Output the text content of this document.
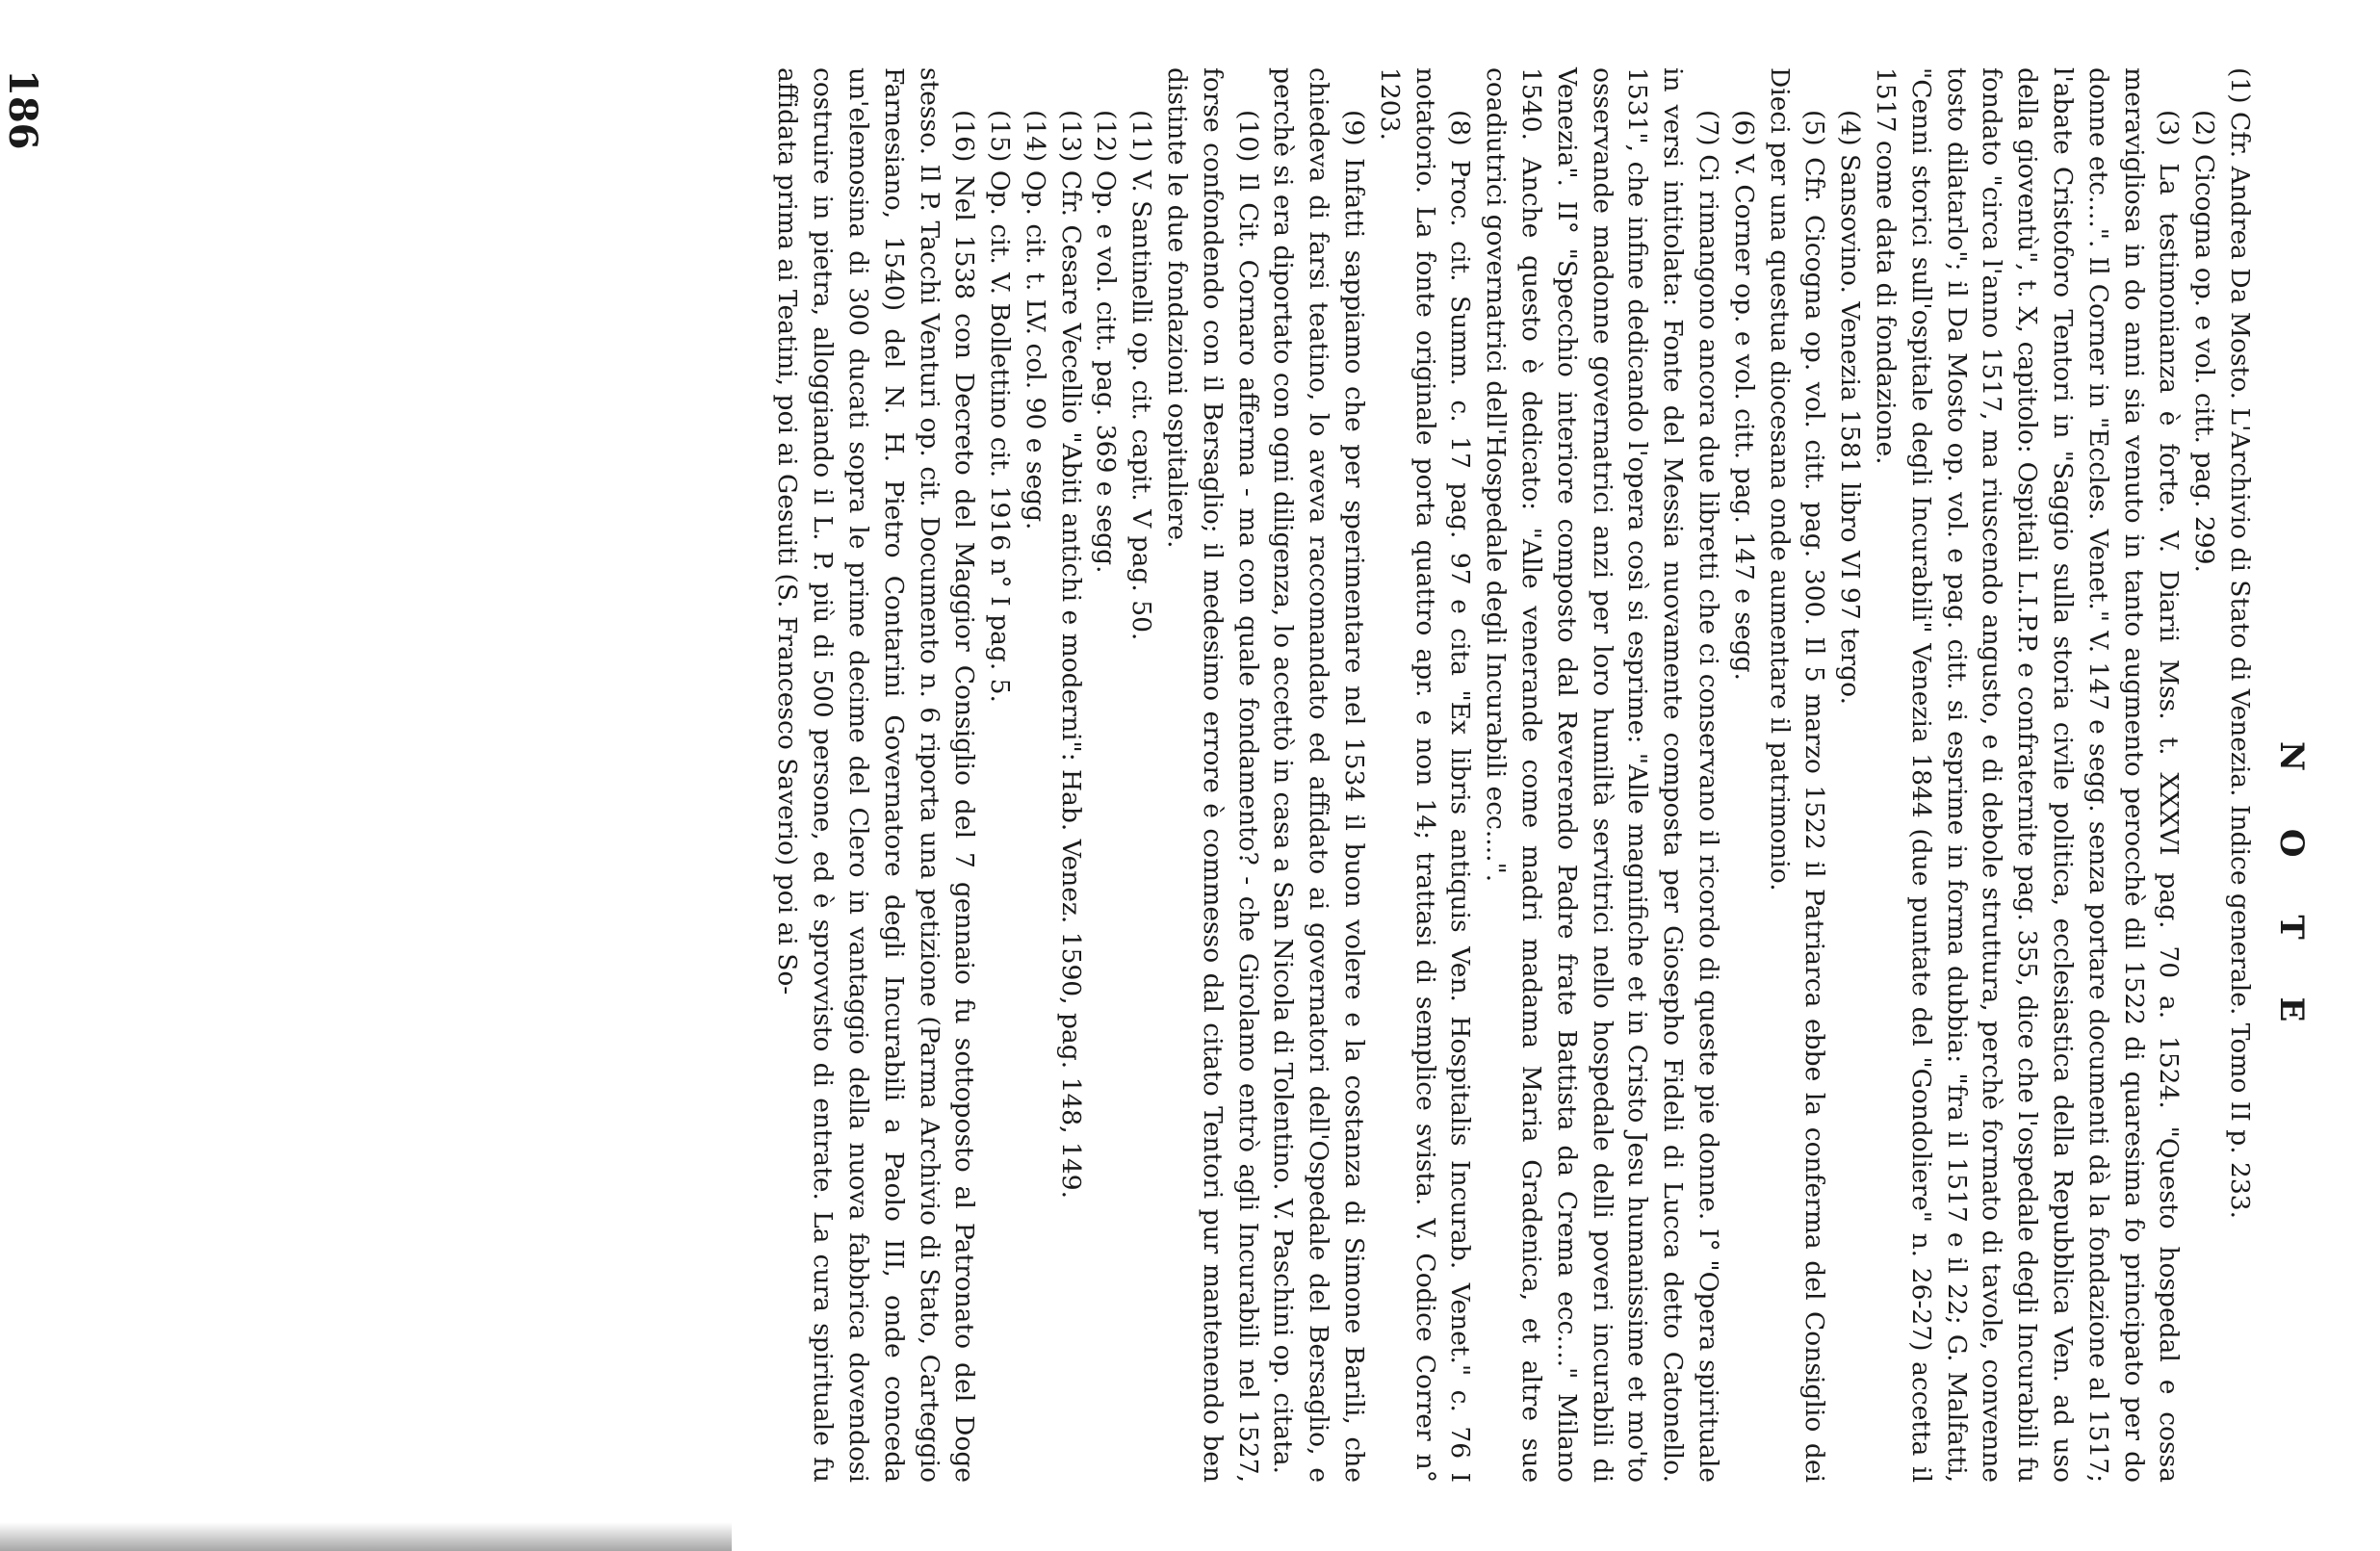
N O T E

(1) Cfr. Andrea Da Mosto. L'Archivio di Stato di Venezia. Indice generale. Tomo II p. 233.

(2) Cicogna op. e vol. citt. pag. 299.

(3) La testimonianza è forte. V. Diarii Mss. t. XXXVI pag. 70 a. 1524. "Questo hospedal e cossa meravigliosa in do anni sia venuto in tanto augmento perocchè dil 1522 di quaresima fo principato per do donne etc....". Il Corner in "Eccles. Venet." V. 147 e segg. senza portare documenti dà la fondazione al 1517; l'abate Cristoforo Tentori in "Saggio sulla storia civile politica, ecclesiastica della Repubblica Ven. ad uso della gioventù", t. X, capitolo: Ospitali L.I.P.P. e confraternite pag. 355, dice che l'ospedale degli Incurabili fu fondato "circa l'anno 1517, ma riuscendo angusto, e di debole struttura, perchè formato di tavole, convenne tosto dilatarlo"; il Da Mosto op. vol. e pag. citt. si esprime in forma dubbia: "fra il 1517 e il 22; G. Malfatti, "Cenni storici sull'ospitale degli Incurabili" Venezia 1844 (due puntate del "Gondoliere" n. 26-27) accetta il 1517 come data di fondazione.

(4) Sansovino. Venezia 1581 libro VI 97 tergo.

(5) Cfr. Cicogna op. vol. citt. pag. 300. Il 5 marzo 1522 il Patriarca ebbe la conferma del Consiglio dei Dieci per una questua diocesana onde aumentare il patrimonio.

(6) V. Corner op. e vol. citt. pag. 147 e segg.

(7) Ci rimangono ancora due libretti che ci conservano il ricordo di queste pie donne. I° "Opera spirituale in versi intitolata: Fonte del Messia nuovamente composta per Giosepho Fideli di Lucca detto Catonello. 1531", che infine dedicando l'opera così si esprime: "Alle magnifiche et in Cristo Jesu humanissime et mo'to osservande madonne governatrici anzi per loro humiltà servitrici nello hospedale delli poveri incurabili di Venezia". II° "Specchio interiore composto dal Reverendo Padre frate Battista da Crema ecc...." Milano 1540. Anche questo è dedicato: "Alle venerande come madri madama Maria Gradenica, et altre sue coadiutrici governatrici dell'Hospedale degli Incurabili ecc....".

(8) Proc. cit. Summ. c. 17 pag. 97 e cita "Ex libris antiquis Ven. Hospitalis Incurab. Venet." c. 76 I notatorio. La fonte originale porta quattro apr. e non 14; trattasi di semplice svista. V. Codice Correr n° 1203.

(9) Infatti sappiamo che per sperimentare nel 1534 il buon volere e la costanza di Simone Barili, che chiedeva di farsi teatino, lo aveva raccomandato ed affidato ai governatori dell'Ospedale del Bersaglio, e perchè si era diportato con ogni diligenza, lo accettò in casa a San Nicola di Tolentino. V. Paschini op. citata.

(10) Il Cit. Cornaro afferma - ma con quale fondamento? - che Girolamo entrò agli Incurabili nel 1527, forse confondendo con il Bersaglio; il medesimo errore è commesso dal citato Tentori pur mantenendo ben distinte le due fondazioni ospitaliere.

(11) V. Santinelli op. cit. capit. V pag. 50.

(12) Op. e vol. citt. pag. 369 e segg.

(13) Cfr. Cesare Vecellio "Abiti antichi e moderni": Hab. Venez. 1590, pag. 148, 149.

(14) Op. cit. t. LV. col. 90 e segg.

(15) Op. cit. V. Bollettino cit. 1916 n° I pag. 5.

(16) Nel 1538 con Decreto del Maggior Consiglio del 7 gennaio fu sottoposto al Patronato del Doge stesso. Il P. Tacchi Venturi op. cit. Documento n. 6 riporta una petizione (Parma Archivio di Stato, Carteggio Farnesiano, 1540) del N. H. Pietro Contarini Governatore degli Incurabili a Paolo III, onde conceda un'elemosina di 300 ducati sopra le prime decime del Clero in vantaggio della nuova fabbrica dovendosi costruire in pietra, alloggiando il L. P. più di 500 persone, ed è sprovvisto di entrate. La cura spirituale fu affidata prima ai Teatini, poi ai Gesuiti (S. Francesco Saverio) poi ai So-

186
